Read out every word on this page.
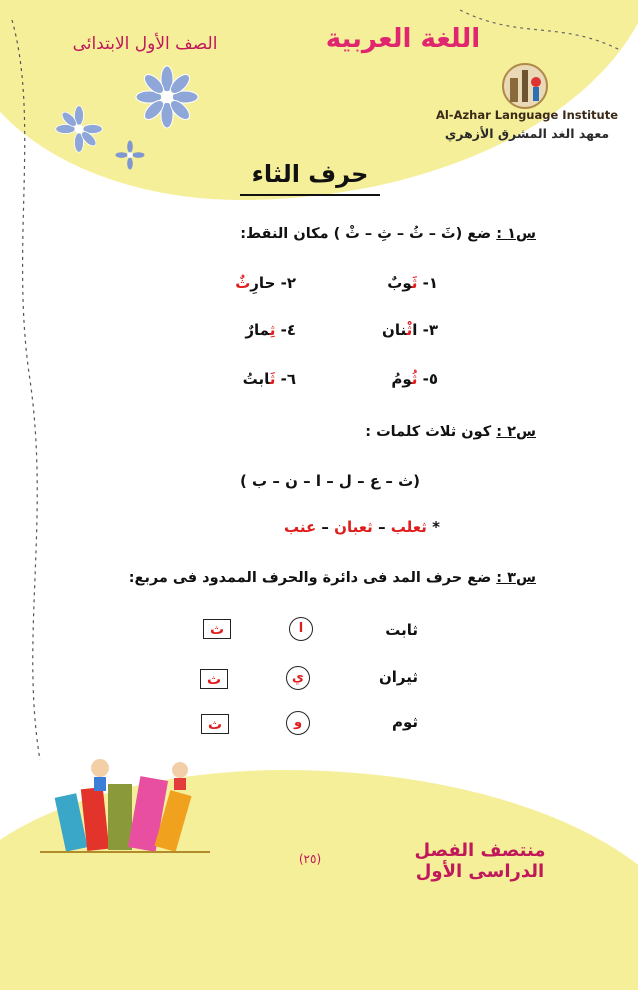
اللغة العربية
الصف الأول الابتدائى
Al-Azhar Language Institute
معهد الغد المشرق الأزهري
حرف الثاء
س١ : ضع (ثَ – ثُ – ثِ – ثْ ) مكان النقط:
١- ثَوبٌ
٢- حارِثٌ
٣- اثْنان
٤- ثِمارٌ
٥- ثُومُ
٦- ثَابتُ
س٢ : كون ثلاث كلمات :
(ث – ع – ل – ا – ن – ب )
* ثعلب – ثعبان – عنب
س٣ : ضع حرف المد فى دائرة والحرف الممدود فى مربع:
ثابت
ا
ث
ثيران
ي
ث
ثوم
و
ث
منتصف الفصل الدراسى الأول
(٢٥)
